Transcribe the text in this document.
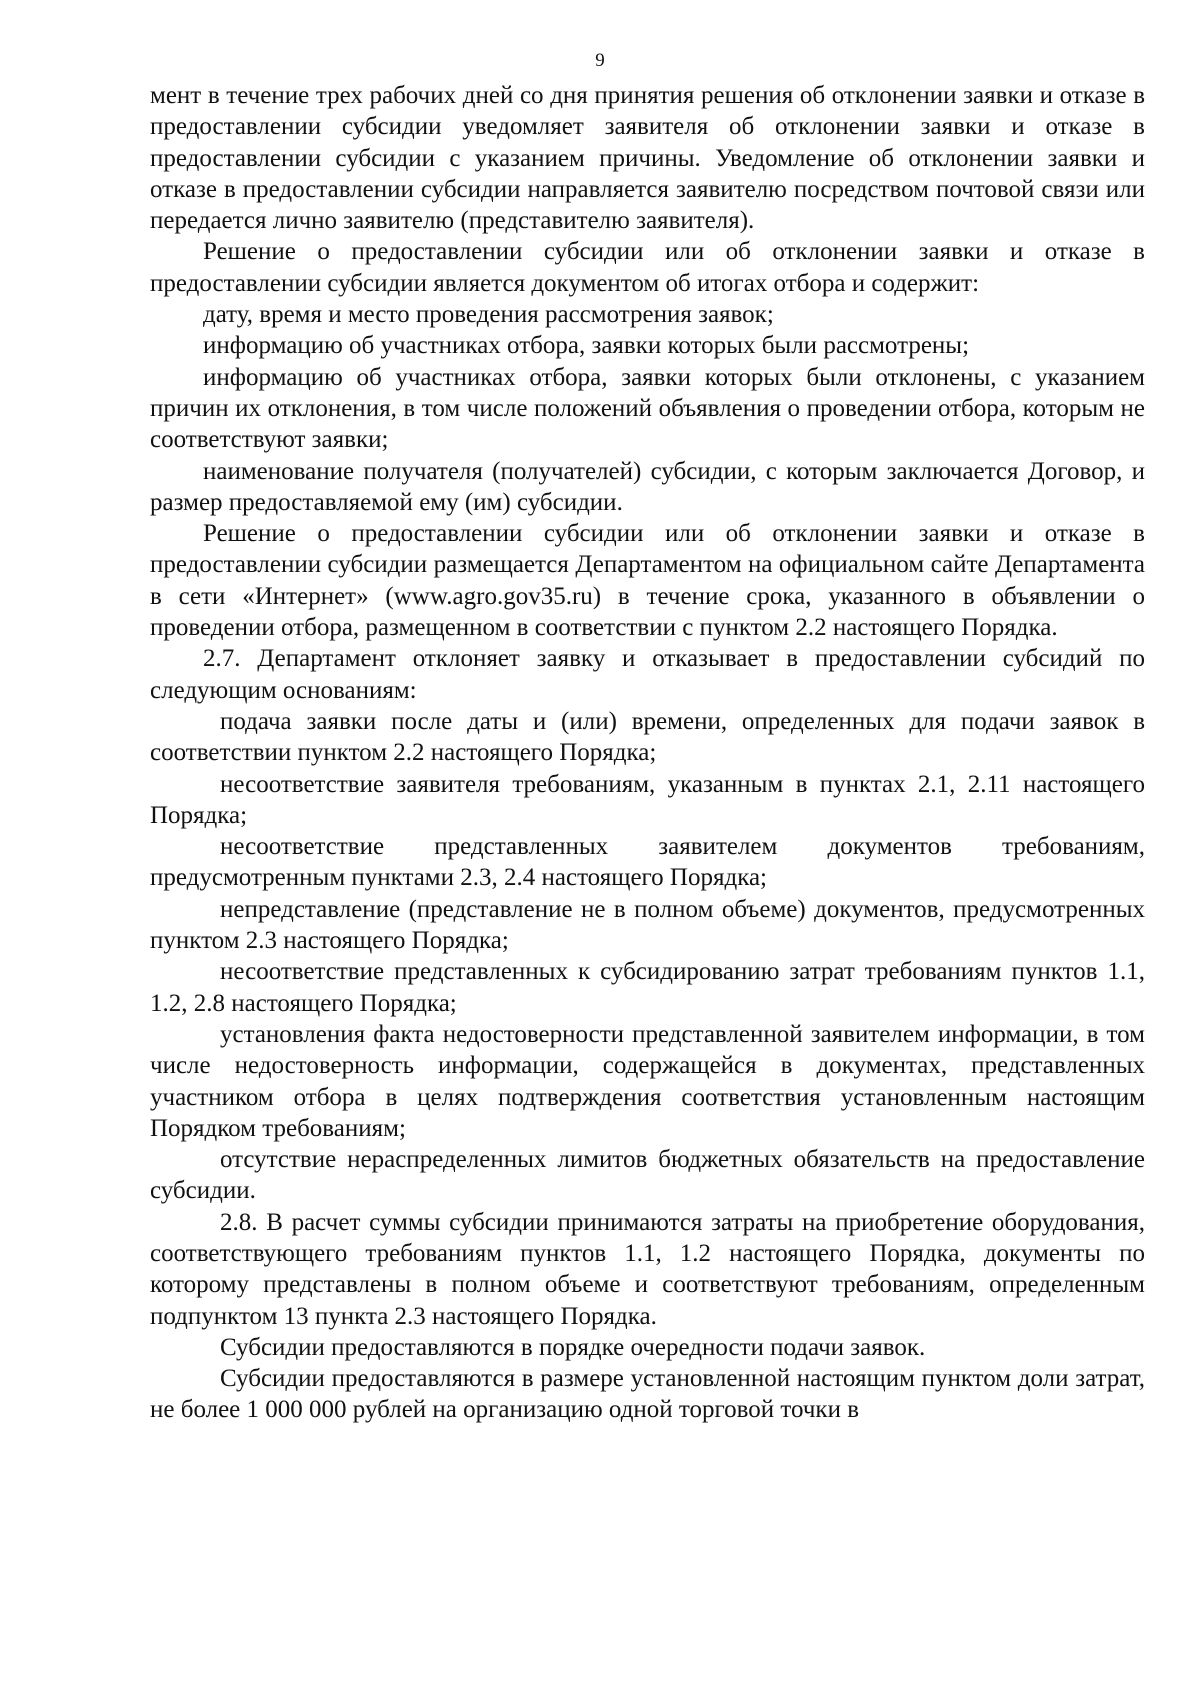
9

мент в течение трех рабочих дней со дня принятия решения об отклонении заявки и отказе в предоставлении субсидии уведомляет заявителя об отклонении заявки и отказе в предоставлении субсидии с указанием причины. Уведомление об отклонении заявки и отказе в предоставлении субсидии направляется заявителю посредством почтовой связи или передается лично заявителю (представителю заявителя).

Решение о предоставлении субсидии или об отклонении заявки и отказе в предоставлении субсидии является документом об итогах отбора и содержит:

дату, время и место проведения рассмотрения заявок;

информацию об участниках отбора, заявки которых были рассмотрены;

информацию об участниках отбора, заявки которых были отклонены, с указанием причин их отклонения, в том числе положений объявления о проведении отбора, которым не соответствуют заявки;

наименование получателя (получателей) субсидии, с которым заключается Договор, и размер предоставляемой ему (им) субсидии.

Решение о предоставлении субсидии или об отклонении заявки и отказе в предоставлении субсидии размещается Департаментом на официальном сайте Департамента в сети «Интернет» (www.agro.gov35.ru) в течение срока, указанного в объявлении о проведении отбора, размещенном в соответствии с пунктом 2.2 настоящего Порядка.

2.7. Департамент отклоняет заявку и отказывает в предоставлении субсидий по следующим основаниям:

подача заявки после даты и (или) времени, определенных для подачи заявок в соответствии пунктом 2.2 настоящего Порядка;

несоответствие заявителя требованиям, указанным в пунктах 2.1, 2.11 настоящего Порядка;

несоответствие представленных заявителем документов требованиям, предусмотренным пунктами 2.3, 2.4 настоящего Порядка;

непредставление (представление не в полном объеме) документов, предусмотренных пунктом 2.3 настоящего Порядка;

несоответствие представленных к субсидированию затрат требованиям пунктов 1.1, 1.2, 2.8 настоящего Порядка;

установления факта недостоверности представленной заявителем информации, в том числе недостоверность информации, содержащейся в документах, представленных участником отбора в целях подтверждения соответствия установленным настоящим Порядком требованиям;

отсутствие нераспределенных лимитов бюджетных обязательств на предоставление субсидии.

2.8. В расчет суммы субсидии принимаются затраты на приобретение оборудования, соответствующего требованиям пунктов 1.1, 1.2 настоящего Порядка, документы по которому представлены в полном объеме и соответствуют требованиям, определенным подпунктом 13 пункта 2.3 настоящего Порядка.

Субсидии предоставляются в порядке очередности подачи заявок.

Субсидии предоставляются в размере установленной настоящим пунктом доли затрат, не более 1 000 000 рублей на организацию одной торговой точки в
